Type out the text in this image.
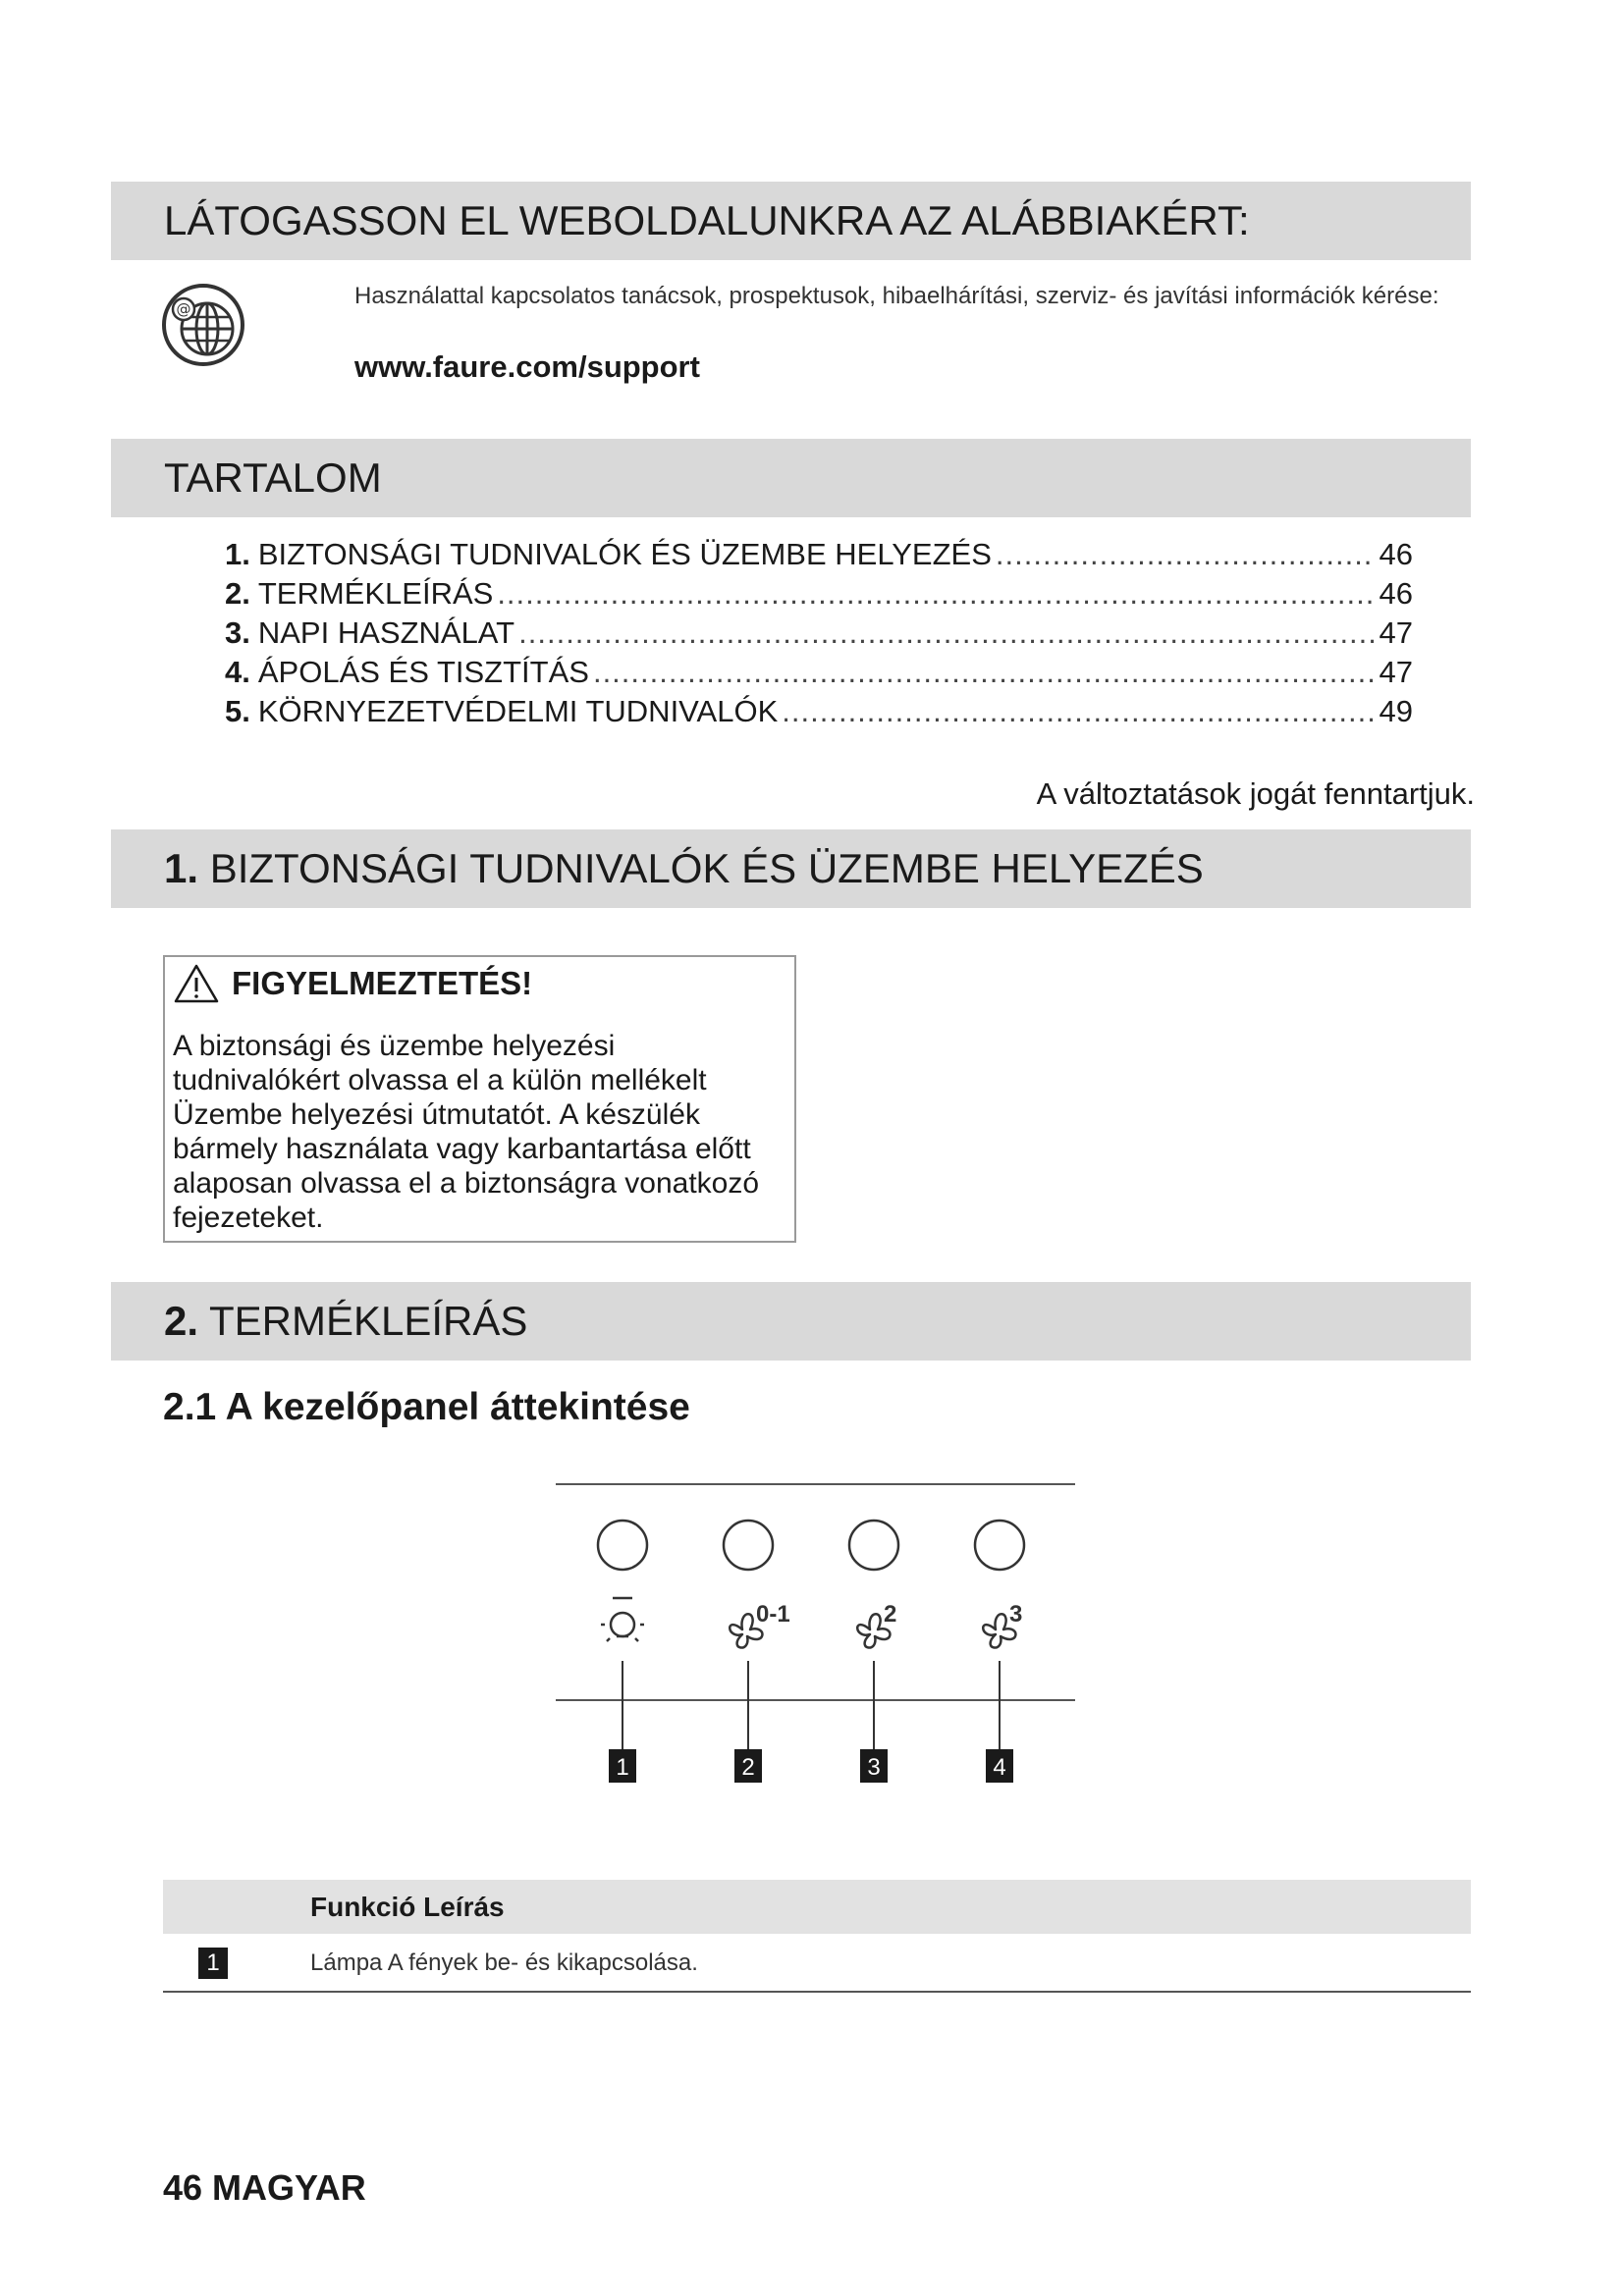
LÁTOGASSON EL WEBOLDALUNKRA AZ ALÁBBIAKÉRT:
@	Használattal kapcsolatos tanácsok, prospektusok, hibaelhárítási, szerviz- és javítási információk kérése:
www.faure.com/support
TARTALOM
1. BIZTONSÁGI TUDNIVALÓK ÉS ÜZEMBE HELYEZÉS .....	46
2. TERMÉKLEÍRÁS .....	46
3. NAPI HASZNÁLAT .....	47
4. ÁPOLÁS ÉS TISZTÍTÁS .....	47
5. KÖRNYEZETVÉDELMI TUDNIVALÓK .....	49
A változtatások jogát fenntartjuk.
1. BIZTONSÁGI TUDNIVALÓK ÉS ÜZEMBE HELYEZÉS
FIGYELMEZTETÉS!
A biztonsági és üzembe helyezési tudnivalókért olvassa el a külön mellékelt Üzembe helyezési útmutatót. A készülék bármely használata vagy karbantartása előtt alaposan olvassa el a biztonságra vonatkozó fejezeteket.
2. TERMÉKLEÍRÁS
2.1 A kezelőpanel áttekintése
1
0-1
2
2
3
3
4
Funkció Leírás
1	Lámpa A fények be- és kikapcsolása.
46 MAGYAR
